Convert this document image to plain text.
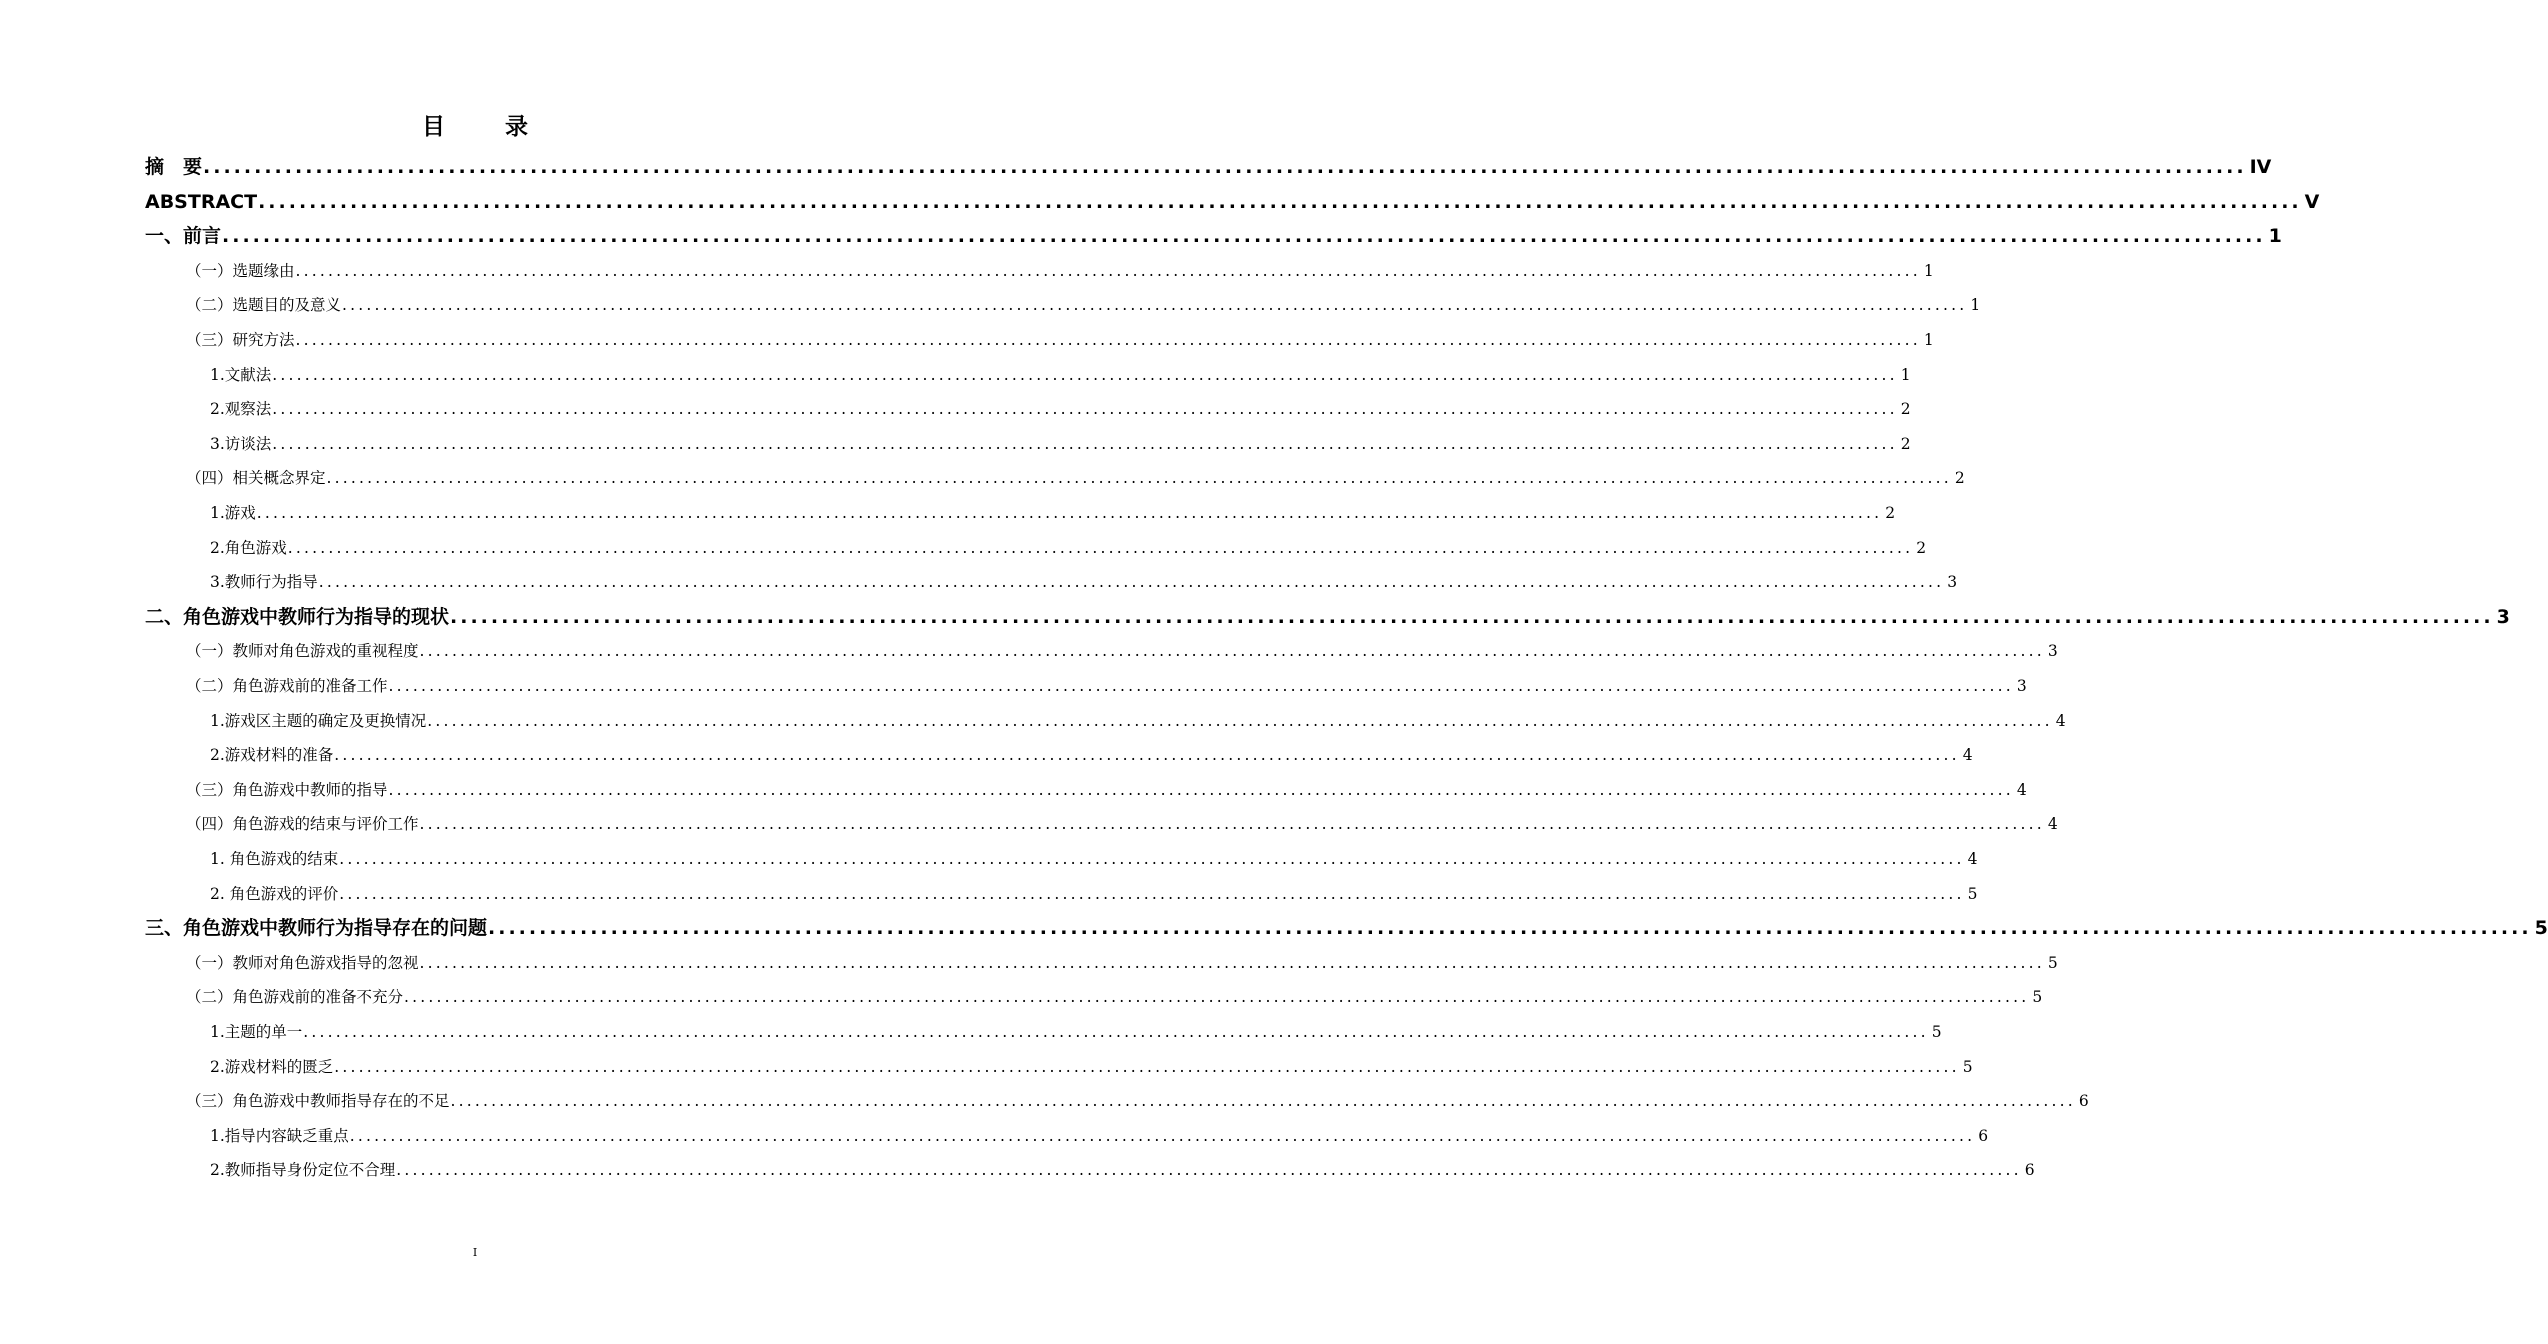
目 录
摘　要 ........................................................................................................................................................................................................ IV
ABSTRACT ........................................................................................................................................................................................................ V
一、前言 ........................................................................................................................................................................................................ 1
（一）选题缘由 ........................................................................................................................................................................................................ 1
（二）选题目的及意义 ........................................................................................................................................................................................................ 1
（三）研究方法 ........................................................................................................................................................................................................ 1
1.文献法 ........................................................................................................................................................................................................ 1
2.观察法 ........................................................................................................................................................................................................ 2
3.访谈法 ........................................................................................................................................................................................................ 2
（四）相关概念界定 ........................................................................................................................................................................................................ 2
1.游戏 ........................................................................................................................................................................................................ 2
2.角色游戏 ........................................................................................................................................................................................................ 2
3.教师行为指导 ........................................................................................................................................................................................................ 3
二、角色游戏中教师行为指导的现状 ........................................................................................................................................................................................................ 3
（一）教师对角色游戏的重视程度 ........................................................................................................................................................................................................ 3
（二）角色游戏前的准备工作 ........................................................................................................................................................................................................ 3
1.游戏区主题的确定及更换情况 ........................................................................................................................................................................................................ 4
2.游戏材料的准备 ........................................................................................................................................................................................................ 4
（三）角色游戏中教师的指导 ........................................................................................................................................................................................................ 4
（四）角色游戏的结束与评价工作 ........................................................................................................................................................................................................ 4
1. 角色游戏的结束 ........................................................................................................................................................................................................ 4
2. 角色游戏的评价 ........................................................................................................................................................................................................ 5
三、角色游戏中教师行为指导存在的问题 ........................................................................................................................................................................................................ 5
（一）教师对角色游戏指导的忽视 ........................................................................................................................................................................................................ 5
（二）角色游戏前的准备不充分 ........................................................................................................................................................................................................ 5
1.主题的单一 ........................................................................................................................................................................................................ 5
2.游戏材料的匮乏 ........................................................................................................................................................................................................ 5
（三）角色游戏中教师指导存在的不足 ........................................................................................................................................................................................................ 6
1.指导内容缺乏重点 ........................................................................................................................................................................................................ 6
2.教师指导身份定位不合理 ........................................................................................................................................................................................................ 6
I
